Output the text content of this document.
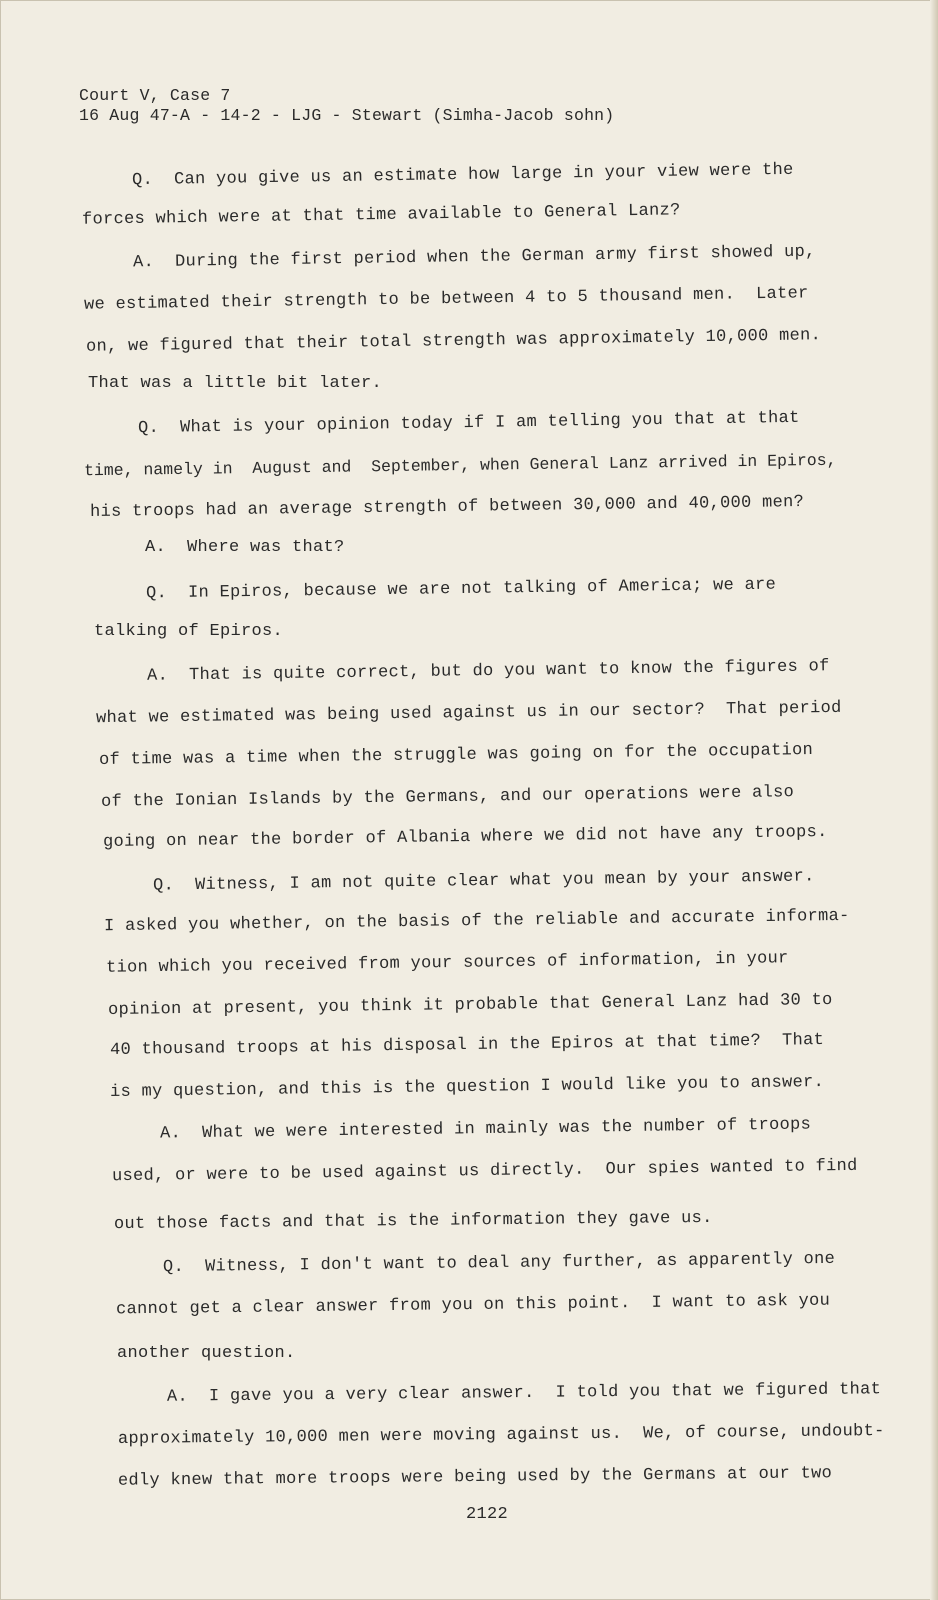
Court V, Case 7
16 Aug 47-A - 14-2 - LJG - Stewart (Simha-Jacob sohn)
Q.  Can you give us an estimate how large in your view were the
forces which were at that time available to General Lanz?
A.  During the first period when the German army first showed up,
we estimated their strength to be between 4 to 5 thousand men.  Later
on, we figured that their total strength was approximately 10,000 men.
That was a little bit later.
Q.  What is your opinion today if I am telling you that at that
time, namely in  August and  September, when General Lanz arrived in Epiros,
his troops had an average strength of between 30,000 and 40,000 men?
A.  Where was that?
Q.  In Epiros, because we are not talking of America; we are
talking of Epiros.
A.  That is quite correct, but do you want to know the figures of
what we estimated was being used against us in our sector?  That period
of time was a time when the struggle was going on for the occupation
of the Ionian Islands by the Germans, and our operations were also
going on near the border of Albania where we did not have any troops.
Q.  Witness, I am not quite clear what you mean by your answer.
I asked you whether, on the basis of the reliable and accurate informa-
tion which you received from your sources of information, in your
opinion at present, you think it probable that General Lanz had 30 to
40 thousand troops at his disposal in the Epiros at that time?  That
is my question, and this is the question I would like you to answer.
A.  What we were interested in mainly was the number of troops
used, or were to be used against us directly.  Our spies wanted to find
out those facts and that is the information they gave us.
Q.  Witness, I don't want to deal any further, as apparently one
cannot get a clear answer from you on this point.  I want to ask you
another question.
A.  I gave you a very clear answer.  I told you that we figured that
approximately 10,000 men were moving against us.  We, of course, undoubt-
edly knew that more troops were being used by the Germans at our two
2122
